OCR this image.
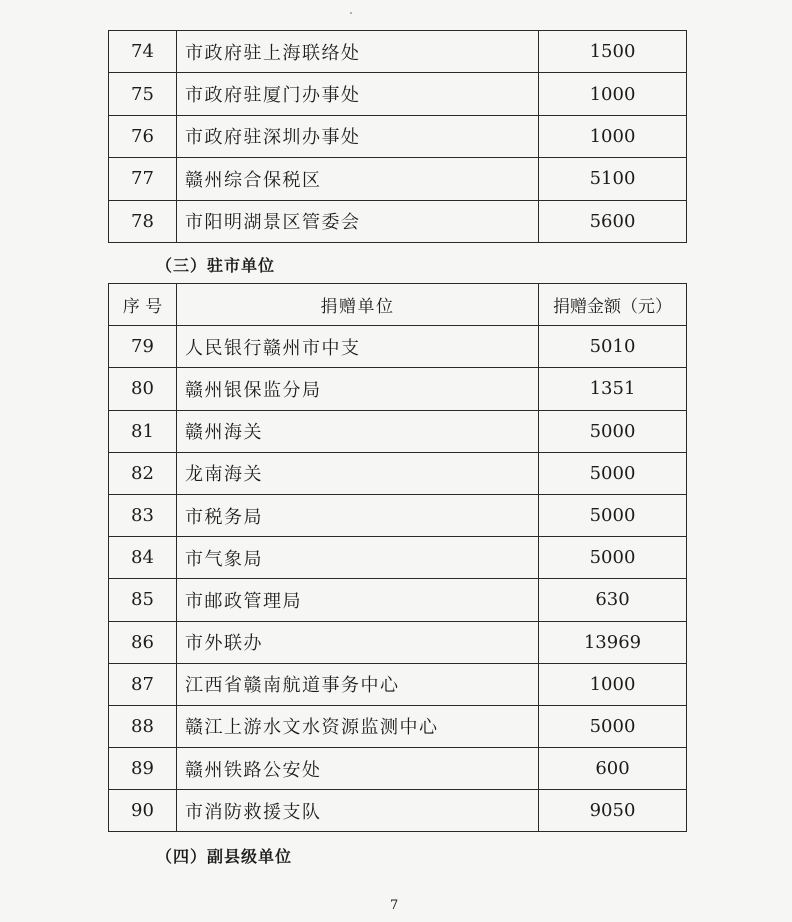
74	市政府驻上海联络处	1500
75	市政府驻厦门办事处	1000
76	市政府驻深圳办事处	1000
77	赣州综合保税区	5100
78	市阳明湖景区管委会	5600
（三）驻市单位
序 号	捐赠单位	捐赠金额（元）
79	人民银行赣州市中支	5010
80	赣州银保监分局	1351
81	赣州海关	5000
82	龙南海关	5000
83	市税务局	5000
84	市气象局	5000
85	市邮政管理局	630
86	市外联办	13969
87	江西省赣南航道事务中心	1000
88	赣江上游水文水资源监测中心	5000
89	赣州铁路公安处	600
90	市消防救援支队	9050
（四）副县级单位
7
